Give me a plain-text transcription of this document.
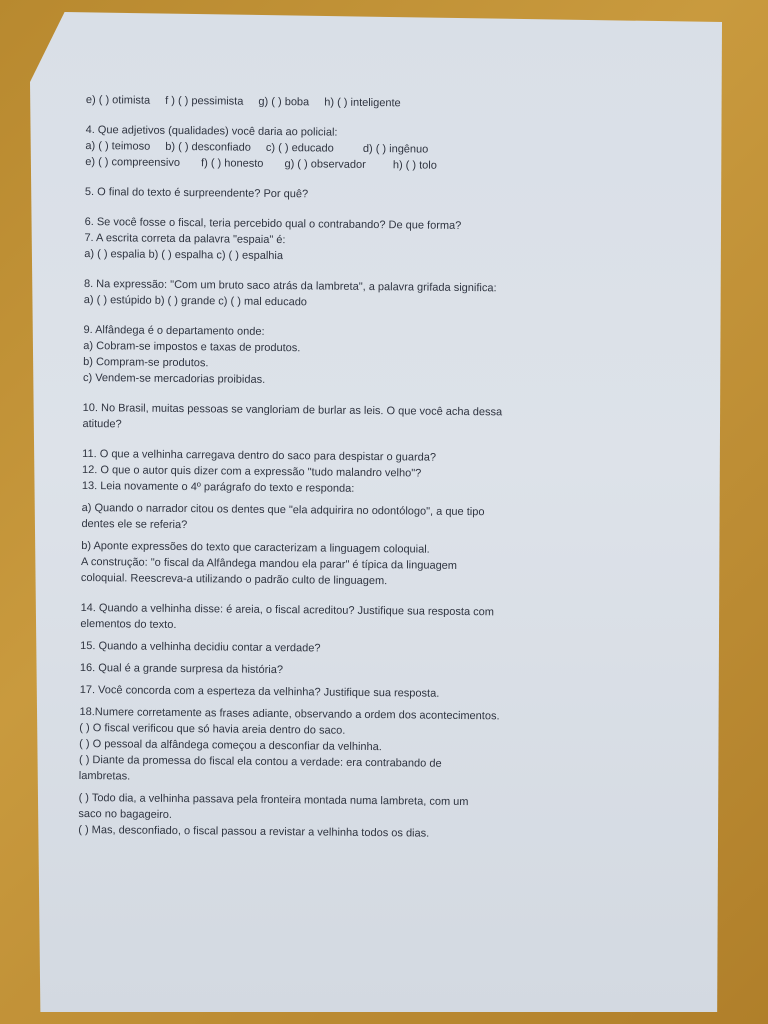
e) ( ) otimista f ) ( ) pessimista g) ( ) boba h) ( ) inteligente
4. Que adjetivos (qualidades) você daria ao policial:
a) ( ) teimoso b) ( ) desconfiado c) ( ) educado	d) ( ) ingênuo
e) ( ) compreensivo f) ( ) honesto g) ( ) observador h) ( ) tolo
5. O final do texto é surpreendente? Por quê?
6. Se você fosse o fiscal, teria percebido qual o contrabando? De que forma?
7. A escrita correta da palavra "espaia" é:
a) ( ) espalia b) ( ) espalha c) ( ) espalhia
8. Na expressão: "Com um bruto saco atrás da lambreta", a palavra grifada significa:
a) ( ) estúpido b) ( ) grande c) ( ) mal educado
9. Alfândega é o departamento onde:
a) Cobram-se impostos e taxas de produtos.
b) Compram-se produtos.
c) Vendem-se mercadorias proibidas.
10. No Brasil, muitas pessoas se vangloriam de burlar as leis. O que você acha dessa
atitude?
11. O que a velhinha carregava dentro do saco para despistar o guarda?
12. O que o autor quis dizer com a expressão "tudo malandro velho"?
13. Leia novamente o 4º parágrafo do texto e responda:
a) Quando o narrador citou os dentes que "ela adquirira no odontólogo", a que tipo
dentes ele se referia?
b) Aponte expressões do texto que caracterizam a linguagem coloquial.
A construção: "o fiscal da Alfândega mandou ela parar" é típica da linguagem
coloquial. Reescreva-a utilizando o padrão culto de linguagem.
14. Quando a velhinha disse: é areia, o fiscal acreditou? Justifique sua resposta com
elementos do texto.
15. Quando a velhinha decidiu contar a verdade?
16. Qual é a grande surpresa da história?
17. Você concorda com a esperteza da velhinha? Justifique sua resposta.
18.Numere corretamente as frases adiante, observando a ordem dos acontecimentos.
( ) O fiscal verificou que só havia areia dentro do saco.
( ) O pessoal da alfândega começou a desconfiar da velhinha.
( ) Diante da promessa do fiscal ela contou a verdade: era contrabando de
lambretas.
( ) Todo dia, a velhinha passava pela fronteira montada numa lambreta, com um
saco no bagageiro.
( ) Mas, desconfiado, o fiscal passou a revistar a velhinha todos os dias.
